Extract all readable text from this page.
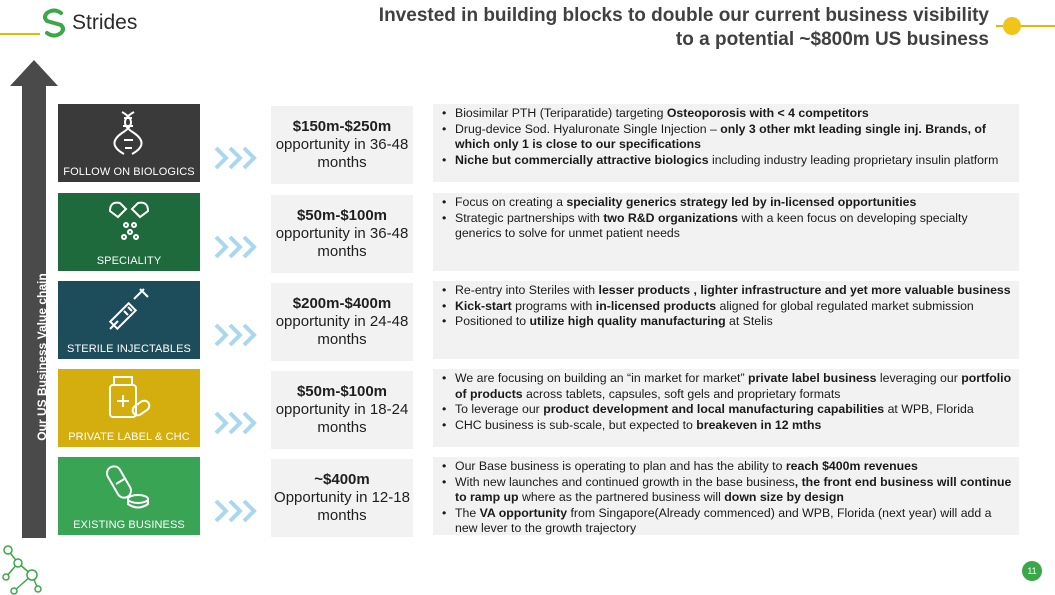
Strides	Invested in building blocks to double our current business visibility
to a potential ~$800m US business
Our US Business Value chain
FOLLOW ON BIOLOGICS
$150m-$250m
opportunity in 36-48 months
• Biosimilar PTH (Teriparatide) targeting Osteoporosis with < 4 competitors
• Drug-device Sod. Hyaluronate Single Injection – only 3 other mkt leading single inj. Brands, of which only 1 is close to our specifications
• Niche but commercially attractive biologics including industry leading proprietary insulin platform
SPECIALITY
$50m-$100m
opportunity in 36-48 months
• Focus on creating a speciality generics strategy led by in-licensed opportunities
• Strategic partnerships with two R&D organizations with a keen focus on developing specialty generics to solve for unmet patient needs
STERILE INJECTABLES
$200m-$400m
opportunity in 24-48 months
• Re-entry into Steriles with lesser products , lighter infrastructure and yet more valuable business
• Kick-start programs with in-licensed products aligned for global regulated market submission
• Positioned to utilize high quality manufacturing at Stelis
PRIVATE LABEL & CHC
$50m-$100m
opportunity in 18-24 months
• We are focusing on building an “in market for market” private label business leveraging our portfolio of products across tablets, capsules, soft gels and proprietary formats
• To leverage our product development and local manufacturing capabilities at WPB, Florida
• CHC business is sub-scale, but expected to breakeven in 12 mths
EXISTING BUSINESS
~$400m
Opportunity in 12-18 months
• Our Base business is operating to plan and has the ability to reach $400m revenues
• With new launches and continued growth in the base business, the front end business will continue to ramp up where as the partnered business will down size by design
• The VA opportunity from Singapore(Already commenced) and WPB, Florida (next year) will add a new lever to the growth trajectory
11
